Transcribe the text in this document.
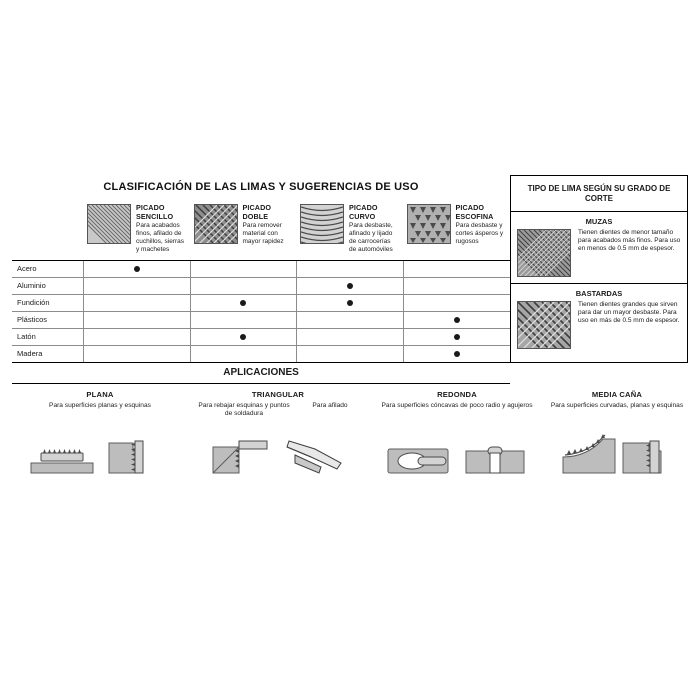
CLASIFICACIÓN DE LAS LIMAS Y SUGERENCIAS DE USO
PICADO SENCILLO
Para acabados finos, afilado de cuchillos, sierras y machetes
PICADO DOBLE
Para remover material con mayor rapidez
PICADO CURVO
Para desbaste, afinado y lijado de carrocerías de automóviles
PICADO ESCOFINA
Para desbaste y cortes ásperos y rugosos
Acero
Aluminio
Fundición
Plásticos
Latón
Madera
TIPO DE LIMA SEGÚN SU GRADO DE CORTE
MUZAS
Tienen dientes de menor tamaño para acabados más finos. Para uso en menos de 0.5 mm de espesor.
BASTARDAS
Tienen dientes grandes que sirven para dar un mayor desbaste. Para uso en más de 0.5 mm de espesor.
APLICACIONES
PLANA
Para superficies planas y esquinas
TRIANGULAR
Para rebajar esquinas y puntos de soldadura
Para afilado
REDONDA
Para superficies cóncavas de poco radio y agujeros
MEDIA CAÑA
Para superficies curvadas, planas y esquinas
